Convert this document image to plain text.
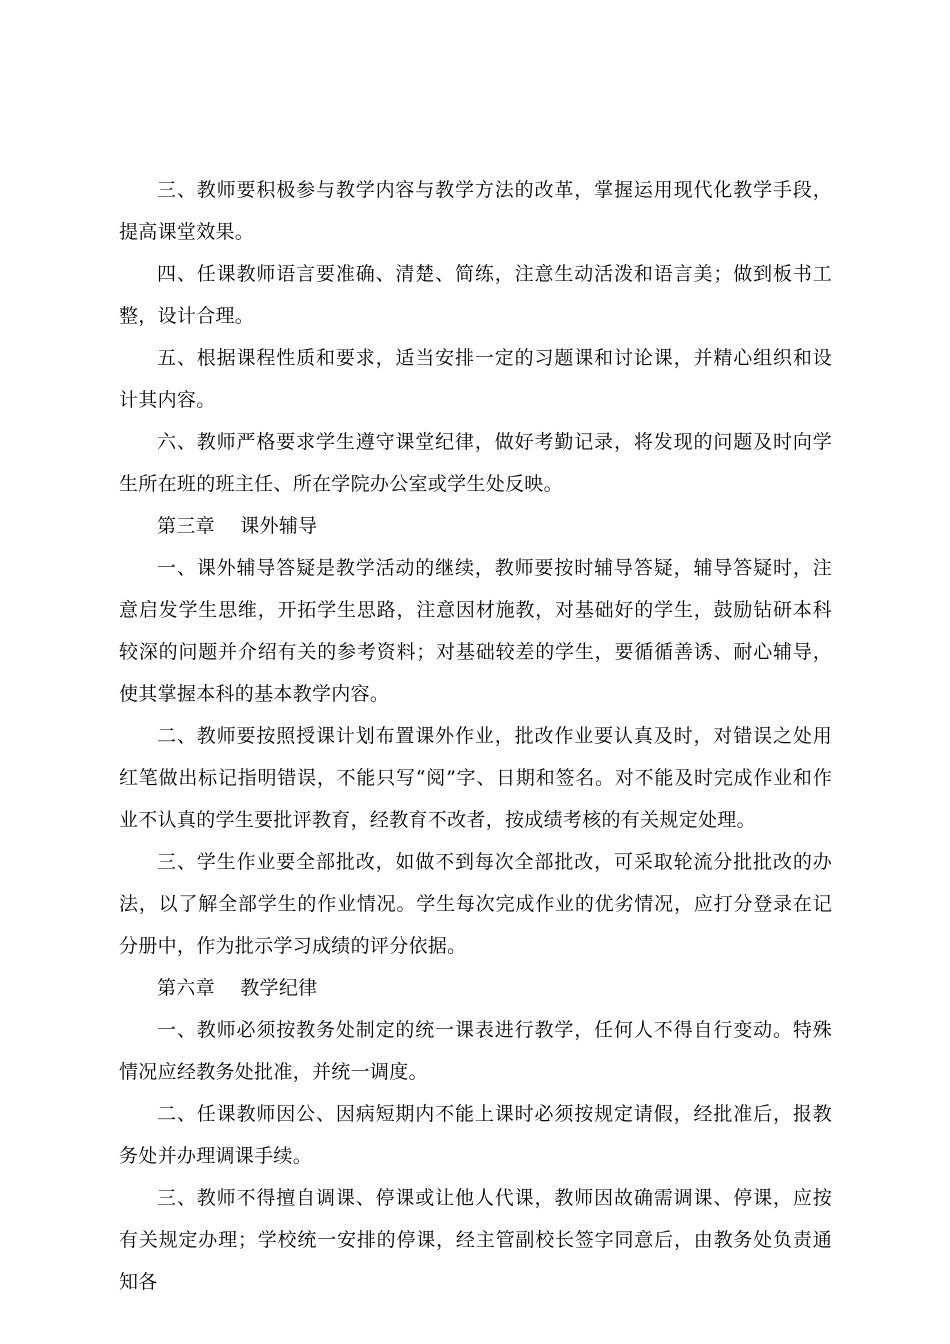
三、教师要积极参与教学内容与教学方法的改革，掌握运用现代化教学手段，提高课堂效果。

四、任课教师语言要准确、清楚、简练，注意生动活泼和语言美；做到板书工整，设计合理。

五、根据课程性质和要求，适当安排一定的习题课和讨论课，并精心组织和设计其内容。

六、教师严格要求学生遵守课堂纪律，做好考勤记录，将发现的问题及时向学生所在班的班主任、所在学院办公室或学生处反映。

第三章    课外辅导

一、课外辅导答疑是教学活动的继续，教师要按时辅导答疑，辅导答疑时，注意启发学生思维，开拓学生思路，注意因材施教，对基础好的学生，鼓励钻研本科较深的问题并介绍有关的参考资料；对基础较差的学生，要循循善诱、耐心辅导，使其掌握本科的基本教学内容。

二、教师要按照授课计划布置课外作业，批改作业要认真及时，对错误之处用红笔做出标记指明错误，不能只写“阅”字、日期和签名。对不能及时完成作业和作业不认真的学生要批评教育，经教育不改者，按成绩考核的有关规定处理。

三、学生作业要全部批改，如做不到每次全部批改，可采取轮流分批批改的办法，以了解全部学生的作业情况。学生每次完成作业的优劣情况，应打分登录在记分册中，作为批示学习成绩的评分依据。

第六章    教学纪律

一、教师必须按教务处制定的统一课表进行教学，任何人不得自行变动。特殊情况应经教务处批准，并统一调度。

二、任课教师因公、因病短期内不能上课时必须按规定请假，经批准后，报教务处并办理调课手续。

三、教师不得擅自调课、停课或让他人代课，教师因故确需调课、停课，应按有关规定办理；学校统一安排的停课，经主管副校长签字同意后，由教务处负责通知各
